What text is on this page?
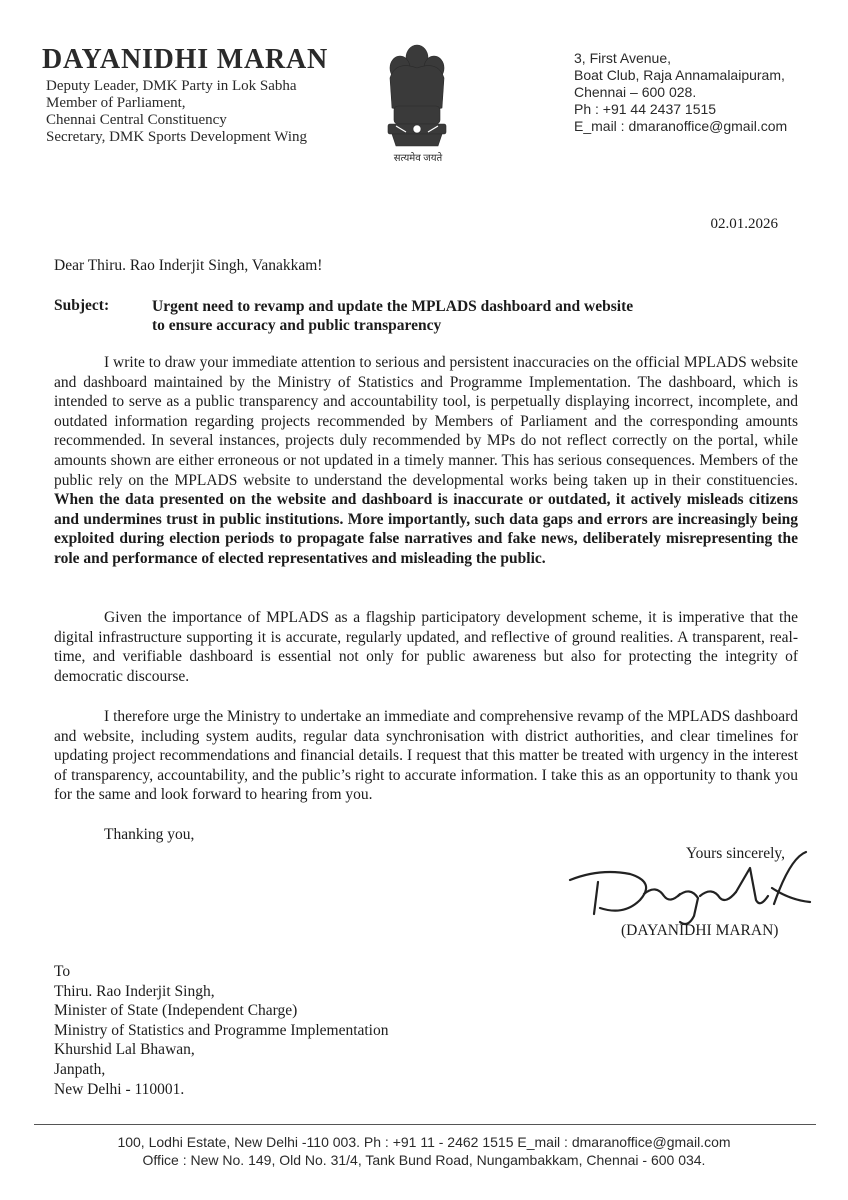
DAYANIDHI MARAN
Deputy Leader, DMK Party in Lok Sabha
Member of Parliament,
Chennai Central Constituency
Secretary, DMK Sports Development Wing
सत्यमेव जयते
3, First Avenue,
Boat Club, Raja Annamalaipuram,
Chennai – 600 028.
Ph : +91 44 2437 1515
E_mail : dmaranoffice@gmail.com
02.01.2026
Dear Thiru. Rao Inderjit Singh, Vanakkam!
Subject:	Urgent need to revamp and update the MPLADS dashboard and website
to ensure accuracy and public transparency
I write to draw your immediate attention to serious and persistent inaccuracies on the official MPLADS website and dashboard maintained by the Ministry of Statistics and Programme Implementation. The dashboard, which is intended to serve as a public transparency and accountability tool, is perpetually displaying incorrect, incomplete, and outdated information regarding projects recommended by Members of Parliament and the corresponding amounts recommended. In several instances, projects duly recommended by MPs do not reflect correctly on the portal, while amounts shown are either erroneous or not updated in a timely manner. This has serious consequences. Members of the public rely on the MPLADS website to understand the developmental works being taken up in their constituencies. When the data presented on the website and dashboard is inaccurate or outdated, it actively misleads citizens and undermines trust in public institutions. More importantly, such data gaps and errors are increasingly being exploited during election periods to propagate false narratives and fake news, deliberately misrepresenting the role and performance of elected representatives and misleading the public.
Given the importance of MPLADS as a flagship participatory development scheme, it is imperative that the digital infrastructure supporting it is accurate, regularly updated, and reflective of ground realities. A transparent, real-time, and verifiable dashboard is essential not only for public awareness but also for protecting the integrity of democratic discourse.
I therefore urge the Ministry to undertake an immediate and comprehensive revamp of the MPLADS dashboard and website, including system audits, regular data synchronisation with district authorities, and clear timelines for updating project recommendations and financial details. I request that this matter be treated with urgency in the interest of transparency, accountability, and the public’s right to accurate information. I take this as an opportunity to thank you for the same and look forward to hearing from you.
Thanking you,
Yours sincerely,
(DAYANIDHI MARAN)
To
Thiru. Rao Inderjit Singh,
Minister of State (Independent Charge)
Ministry of Statistics and Programme Implementation
Khurshid Lal Bhawan,
Janpath,
New Delhi - 110001.
100, Lodhi Estate, New Delhi -110 003. Ph : +91 11 - 2462 1515 E_mail : dmaranoffice@gmail.com
Office : New No. 149, Old No. 31/4, Tank Bund Road, Nungambakkam, Chennai - 600 034.
